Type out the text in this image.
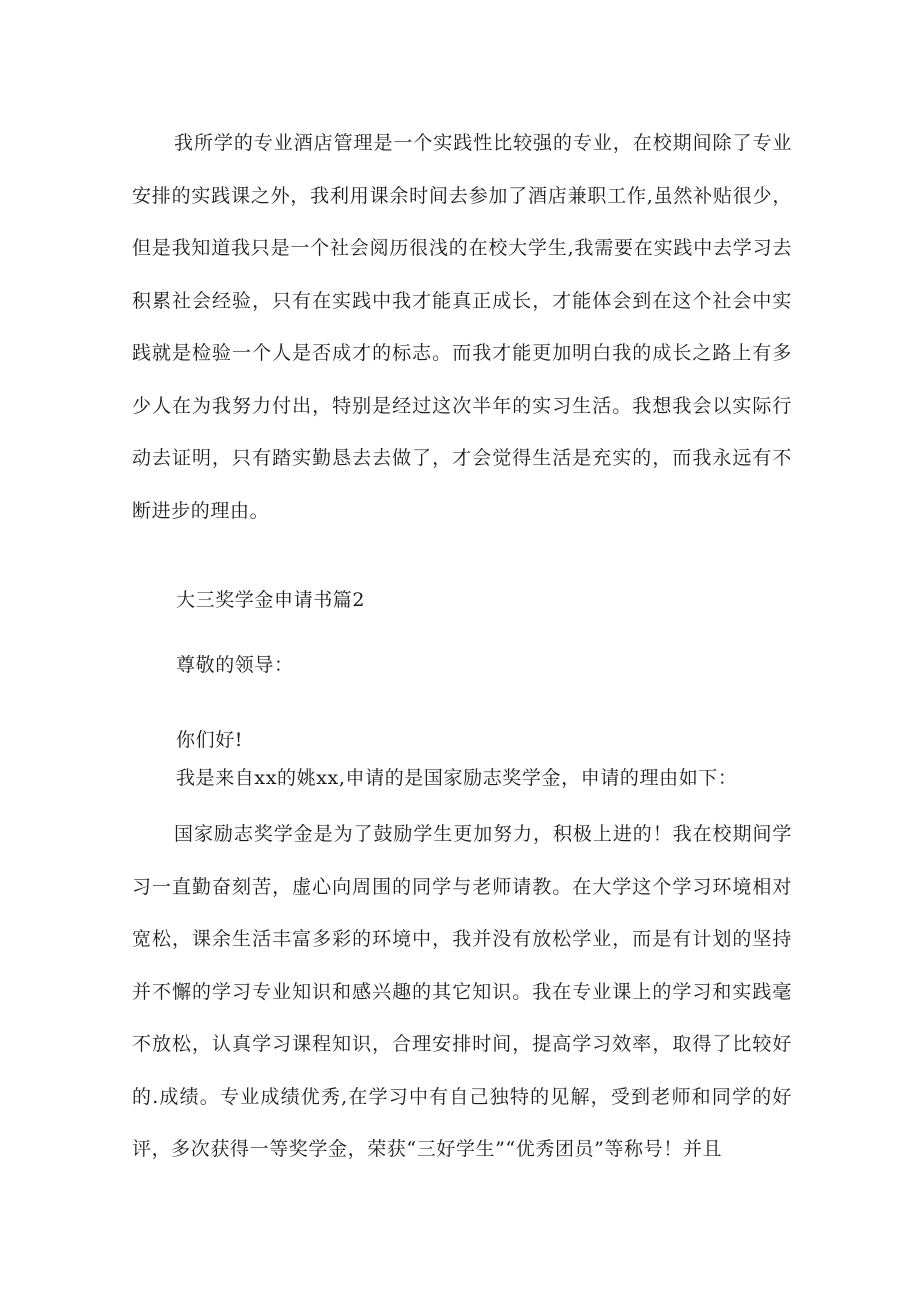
我所学的专业酒店管理是一个实践性比较强的专业，在校期间除了专业安排的实践课之外，我利用课余时间去参加了酒店兼职工作,虽然补贴很少，但是我知道我只是一个社会阅历很浅的在校大学生,我需要在实践中去学习去积累社会经验，只有在实践中我才能真正成长，才能体会到在这个社会中实践就是检验一个人是否成才的标志。而我才能更加明白我的成长之路上有多少人在为我努力付出，特别是经过这次半年的实习生活。我想我会以实际行动去证明，只有踏实勤恳去去做了，才会觉得生活是充实的，而我永远有不断进步的理由。

大三奖学金申请书篇2

尊敬的领导：

你们好!

我是来自xx的姚xx,申请的是国家励志奖学金，申请的理由如下：

国家励志奖学金是为了鼓励学生更加努力，积极上进的！我在校期间学习一直勤奋刻苦，虚心向周围的同学与老师请教。在大学这个学习环境相对宽松，课余生活丰富多彩的环境中，我并没有放松学业，而是有计划的坚持并不懈的学习专业知识和感兴趣的其它知识。我在专业课上的学习和实践毫不放松，认真学习课程知识，合理安排时间，提高学习效率，取得了比较好的.成绩。专业成绩优秀,在学习中有自己独特的见解，受到老师和同学的好评，多次获得一等奖学金，荣获“三好学生”“优秀团员”等称号！并且
